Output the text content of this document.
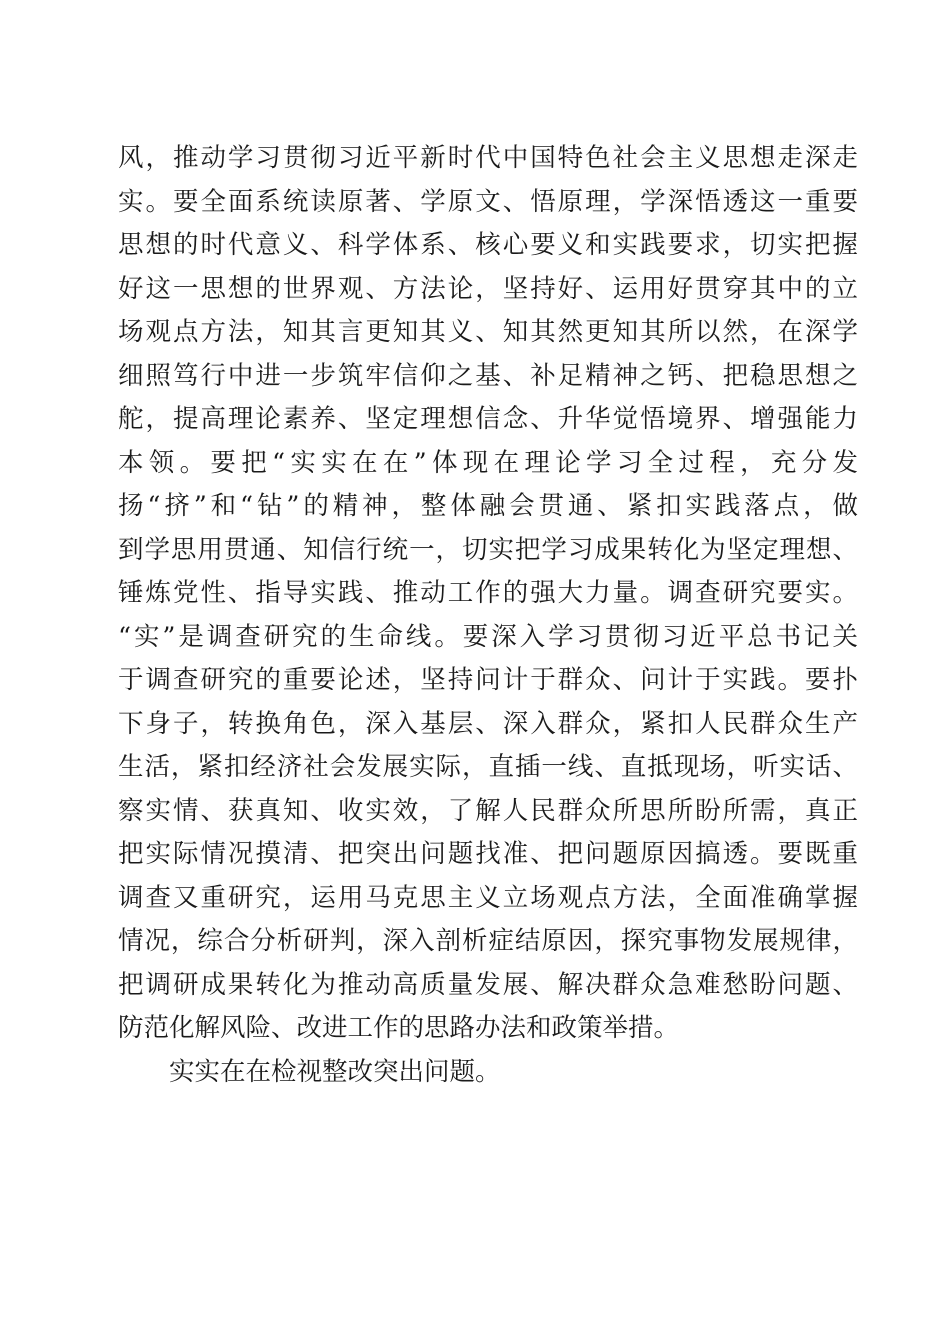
风，推动学习贯彻习近平新时代中国特色社会主义思想走深走
实。要全面系统读原著、学原文、悟原理，学深悟透这一重要
思想的时代意义、科学体系、核心要义和实践要求，切实把握
好这一思想的世界观、方法论，坚持好、运用好贯穿其中的立
场观点方法，知其言更知其义、知其然更知其所以然，在深学
细照笃行中进一步筑牢信仰之基、补足精神之钙、把稳思想之
舵，提高理论素养、坚定理想信念、升华觉悟境界、增强能力
本领。要把“实实在在”体现在理论学习全过程，充分发
扬“挤”和“钻”的精神，整体融会贯通、紧扣实践落点，做
到学思用贯通、知信行统一，切实把学习成果转化为坚定理想、
锤炼党性、指导实践、推动工作的强大力量。调查研究要实。
“实”是调查研究的生命线。要深入学习贯彻习近平总书记关
于调查研究的重要论述，坚持问计于群众、问计于实践。要扑
下身子，转换角色，深入基层、深入群众，紧扣人民群众生产
生活，紧扣经济社会发展实际，直插一线、直抵现场，听实话、
察实情、获真知、收实效，了解人民群众所思所盼所需，真正
把实际情况摸清、把突出问题找准、把问题原因搞透。要既重
调查又重研究，运用马克思主义立场观点方法，全面准确掌握
情况，综合分析研判，深入剖析症结原因，探究事物发展规律，
把调研成果转化为推动高质量发展、解决群众急难愁盼问题、
防范化解风险、改进工作的思路办法和政策举措。
实实在在检视整改突出问题。
